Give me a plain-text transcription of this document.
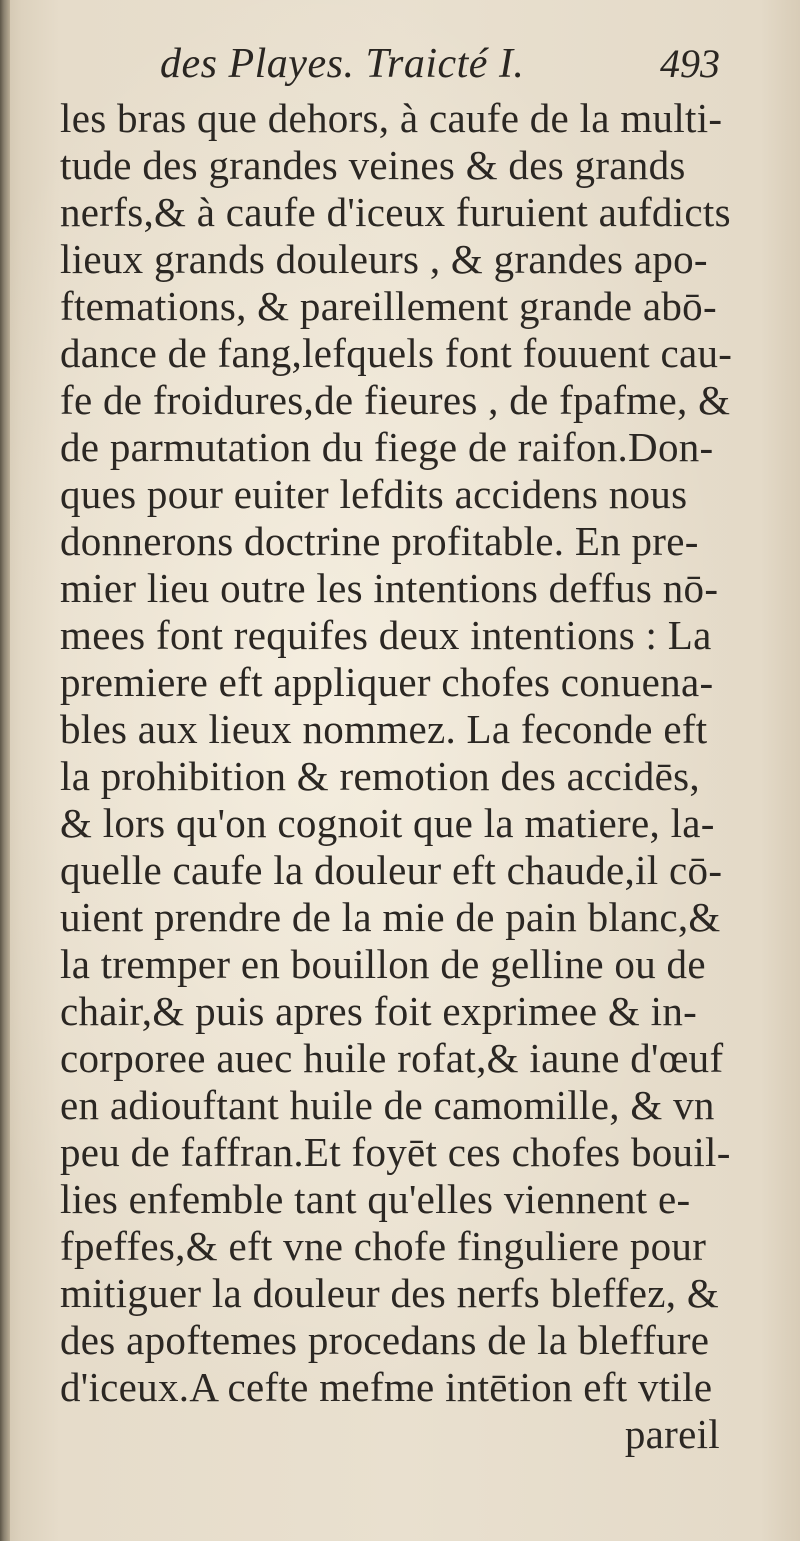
des Playes. Traicté I.	493
les bras que dehors, à caufe de la multi-
tude des grandes veines & des grands
nerfs,& à caufe d'iceux furuient aufdicts
lieux grands douleurs , & grandes apo-
ftemations, & pareillement grande abō-
dance de fang,lefquels font fouuent cau-
fe de froidures,de fieures , de fpafme, &
de parmutation du fiege de raifon.Don-
ques pour euiter lefdits accidens nous
donnerons doctrine profitable. En pre-
mier lieu outre les intentions deffus nō-
mees font requifes deux intentions : La
premiere eft appliquer chofes conuena-
bles aux lieux nommez. La feconde eft
la prohibition & remotion des accidēs,
& lors qu'on cognoit que la matiere, la-
quelle caufe la douleur eft chaude,il cō-
uient prendre de la mie de pain blanc,&
la tremper en bouillon de gelline ou de
chair,& puis apres foit exprimee & in-
corporee auec huile rofat,& iaune d'œuf
en adiouftant huile de camomille, & vn
peu de faffran.Et foyēt ces chofes bouil-
lies enfemble tant qu'elles viennent e-
fpeffes,& eft vne chofe finguliere pour
mitiguer la douleur des nerfs bleffez, &
des apoftemes procedans de la bleffure
d'iceux.A cefte mefme intētion eft vtile
pareil
